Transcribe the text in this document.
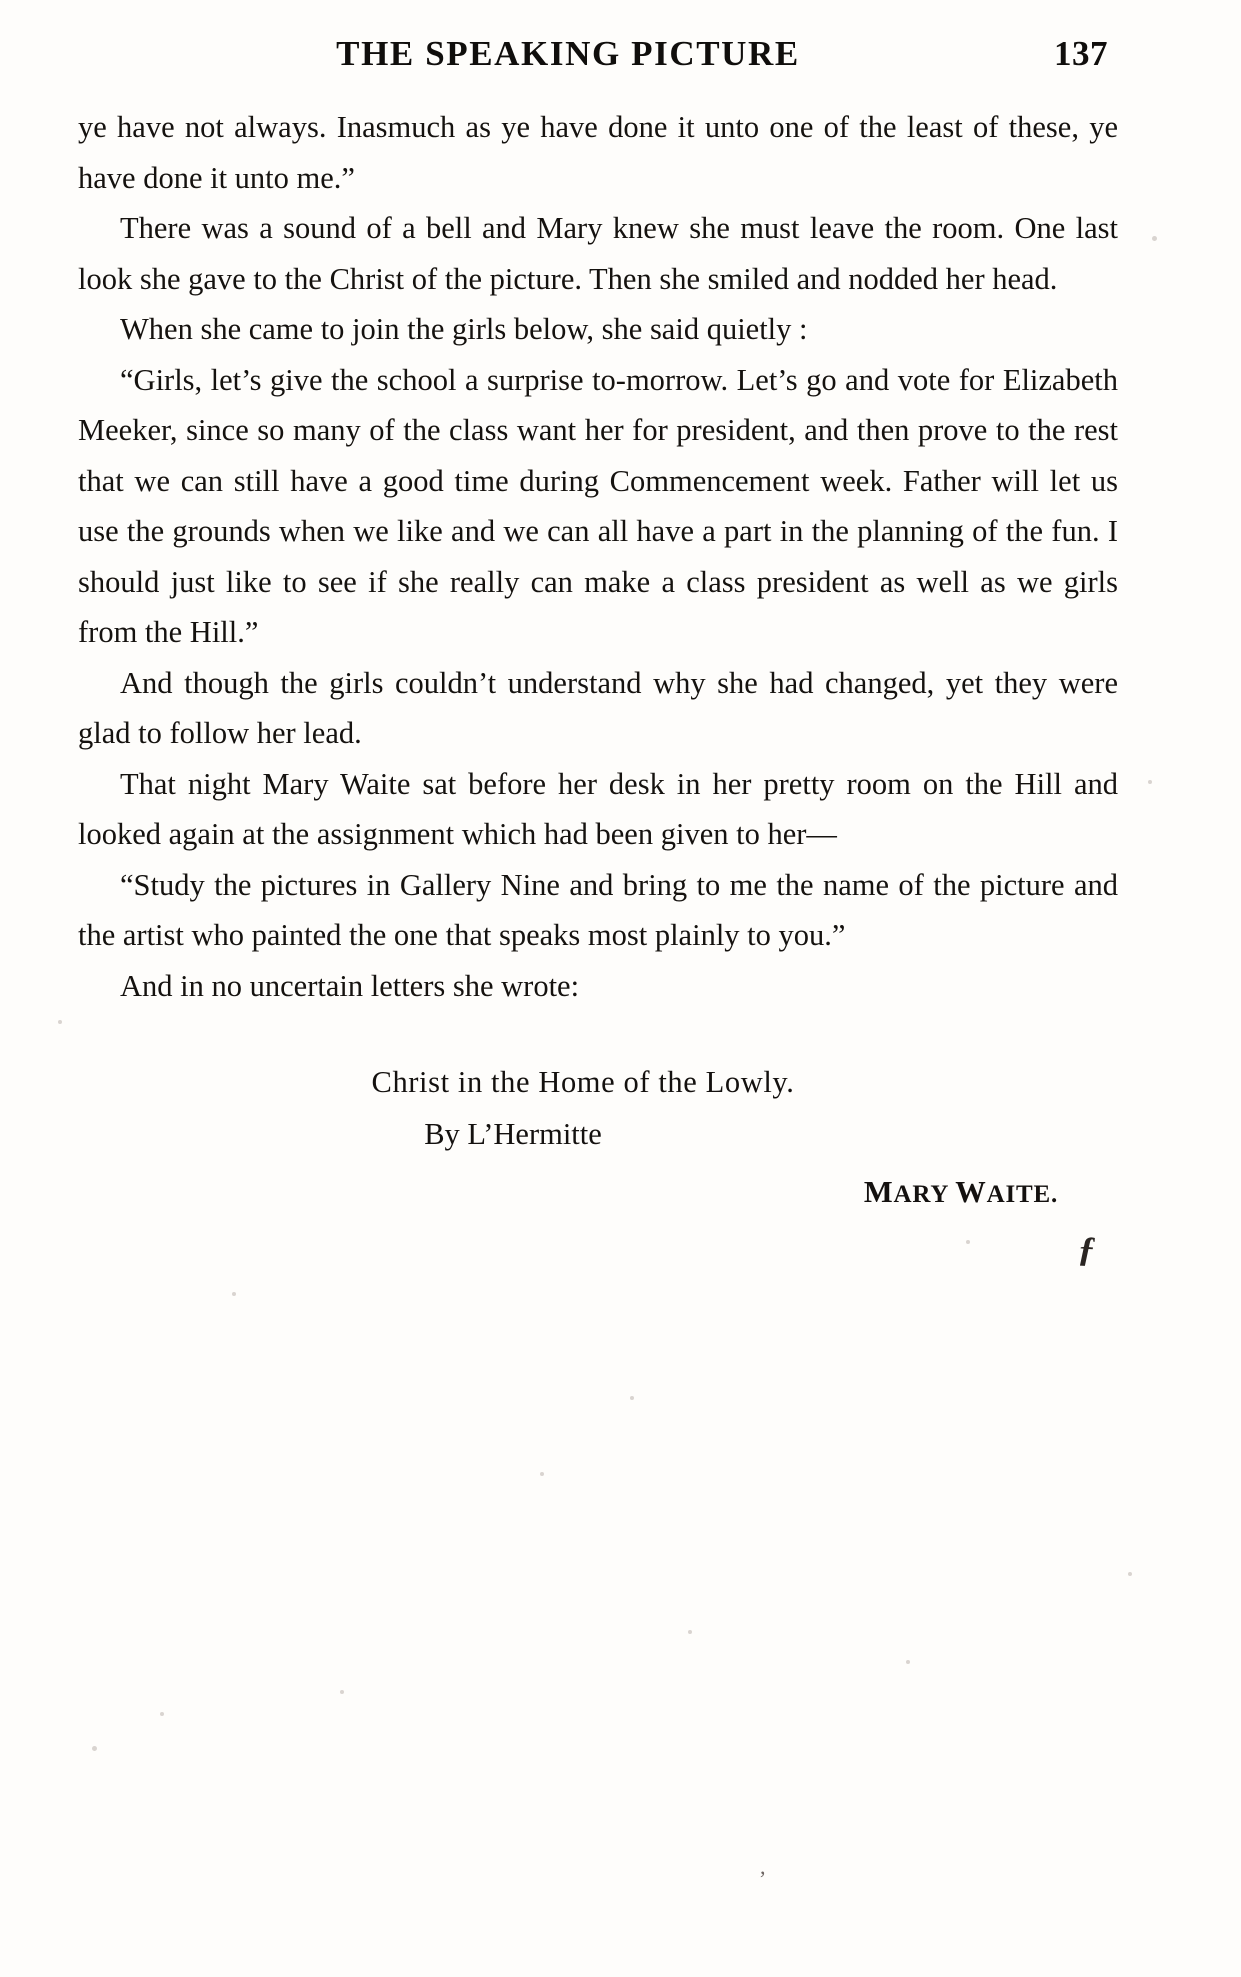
THE SPEAKING PICTURE	137

ye have not always. Inasmuch as ye have done it unto one of the least of these, ye have done it unto me.”

There was a sound of a bell and Mary knew she must leave the room. One last look she gave to the Christ of the picture. Then she smiled and nodded her head.

When she came to join the girls below, she said quietly :

“Girls, let’s give the school a surprise to-morrow. Let’s go and vote for Elizabeth Meeker, since so many of the class want her for president, and then prove to the rest that we can still have a good time during Commencement week. Father will let us use the grounds when we like and we can all have a part in the planning of the fun. I should just like to see if she really can make a class president as well as we girls from the Hill.”

And though the girls couldn’t understand why she had changed, yet they were glad to follow her lead.

That night Mary Waite sat before her desk in her pretty room on the Hill and looked again at the assignment which had been given to her—

“Study the pictures in Gallery Nine and bring to me the name of the picture and the artist who painted the one that speaks most plainly to you.”

And in no uncertain letters she wrote:

Christ in the Home of the Lowly.
By L’Hermitte
MARY WAITE.
ƒ
,
